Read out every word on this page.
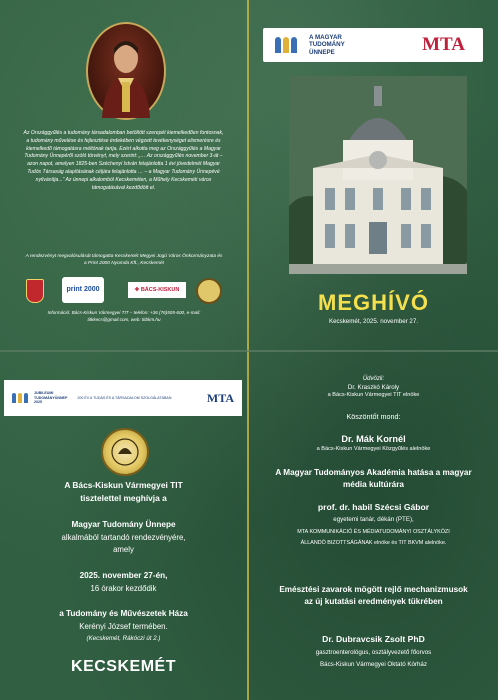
Az Országgyűlés a tudomány társadalomban betöltött szerepét kiemelkedően fontosnak, a tudomány művelése és fejlesztése érdekében végzett tevékenységet elismerésre és kiemelkedő támogatásra méltónak tartja. Ezért alkotta meg az Országgyűlés a Magyar Tudomány Ünnepéről szóló törvényt, mely szerint: „… Az országgyűlés november 3-át – azon napot, amelyen 1825-ben Széchenyi István felajánlotta 1 évi jövedelmét Magyar Tudós Társaság alapításának céljára felajánlotta … – a Magyar Tudomány Ünnepévé nyilvánítja...” Az ünnepi alkalomból Kecskeméten, a Műhely Kecskeméti város támogatásával kezdődött el.
A rendezvényt megvalósulását támogatta Kecskemét Megyei Jogú Város Önkormányzata és a Print 2000 Nyomda Kft., Kecskemét
print 2000	✚ BÁCS-KISKUN
Információ: Bács-Kiskun Vármegyei TIT – telefon: +36 (76)505-600, e-mail: titkkecs@gmail.com, web: titbkm.hu
A MAGYAR
TUDOMÁNY
ÜNNEPE	MTA
MEGHÍVÓ
Kecskemét, 2025. november 27.
JUBILEUMI
TUDOMÁNYÜNNEP
2025
200 ÉV A TUDÁS ÉS A TÁRSADALOM SZOLGÁLATÁBAN	MTA
A Bács-Kiskun Vármegyei TIT
tisztelettel meghívja a
Magyar Tudomány Ünnepe
alkalmából tartandó rendezvényére,
amely
2025. november 27-én,
16 órakor kezdődik
a Tudomány és Művészetek Háza
Kerényi József termében.
(Kecskemét, Rákóczi út 2.)
KECSKEMÉT
Üdvözli:
Dr. Kraszkó Károly
a Bács-Kiskun Vármegyei TIT elnöke
Köszöntőt mond:
Dr. Mák Kornél
a Bács-Kiskun Vármegyei Közgyűlés alelnöke
A Magyar Tudományos Akadémia hatása a magyar média kultúrára
prof. dr. habil Szécsi Gábor
egyetemi tanár, dékán (PTE),
MTA KOMMUNIKÁCIÓ ÉS MÉDIATUDOMÁNYI OSZTÁLYKÖZI
ÁLLANDÓ BIZOTTSÁGÁNAK elnöke és TIT BKVM alelnöke.
Emésztési zavarok mögött rejlő mechanizmusok az új kutatási eredmények tükrében
Dr. Dubravcsik Zsolt PhD
gasztroenterológus, osztályvezető főorvos
Bács-Kiskun Vármegyei Oktató Kórház
